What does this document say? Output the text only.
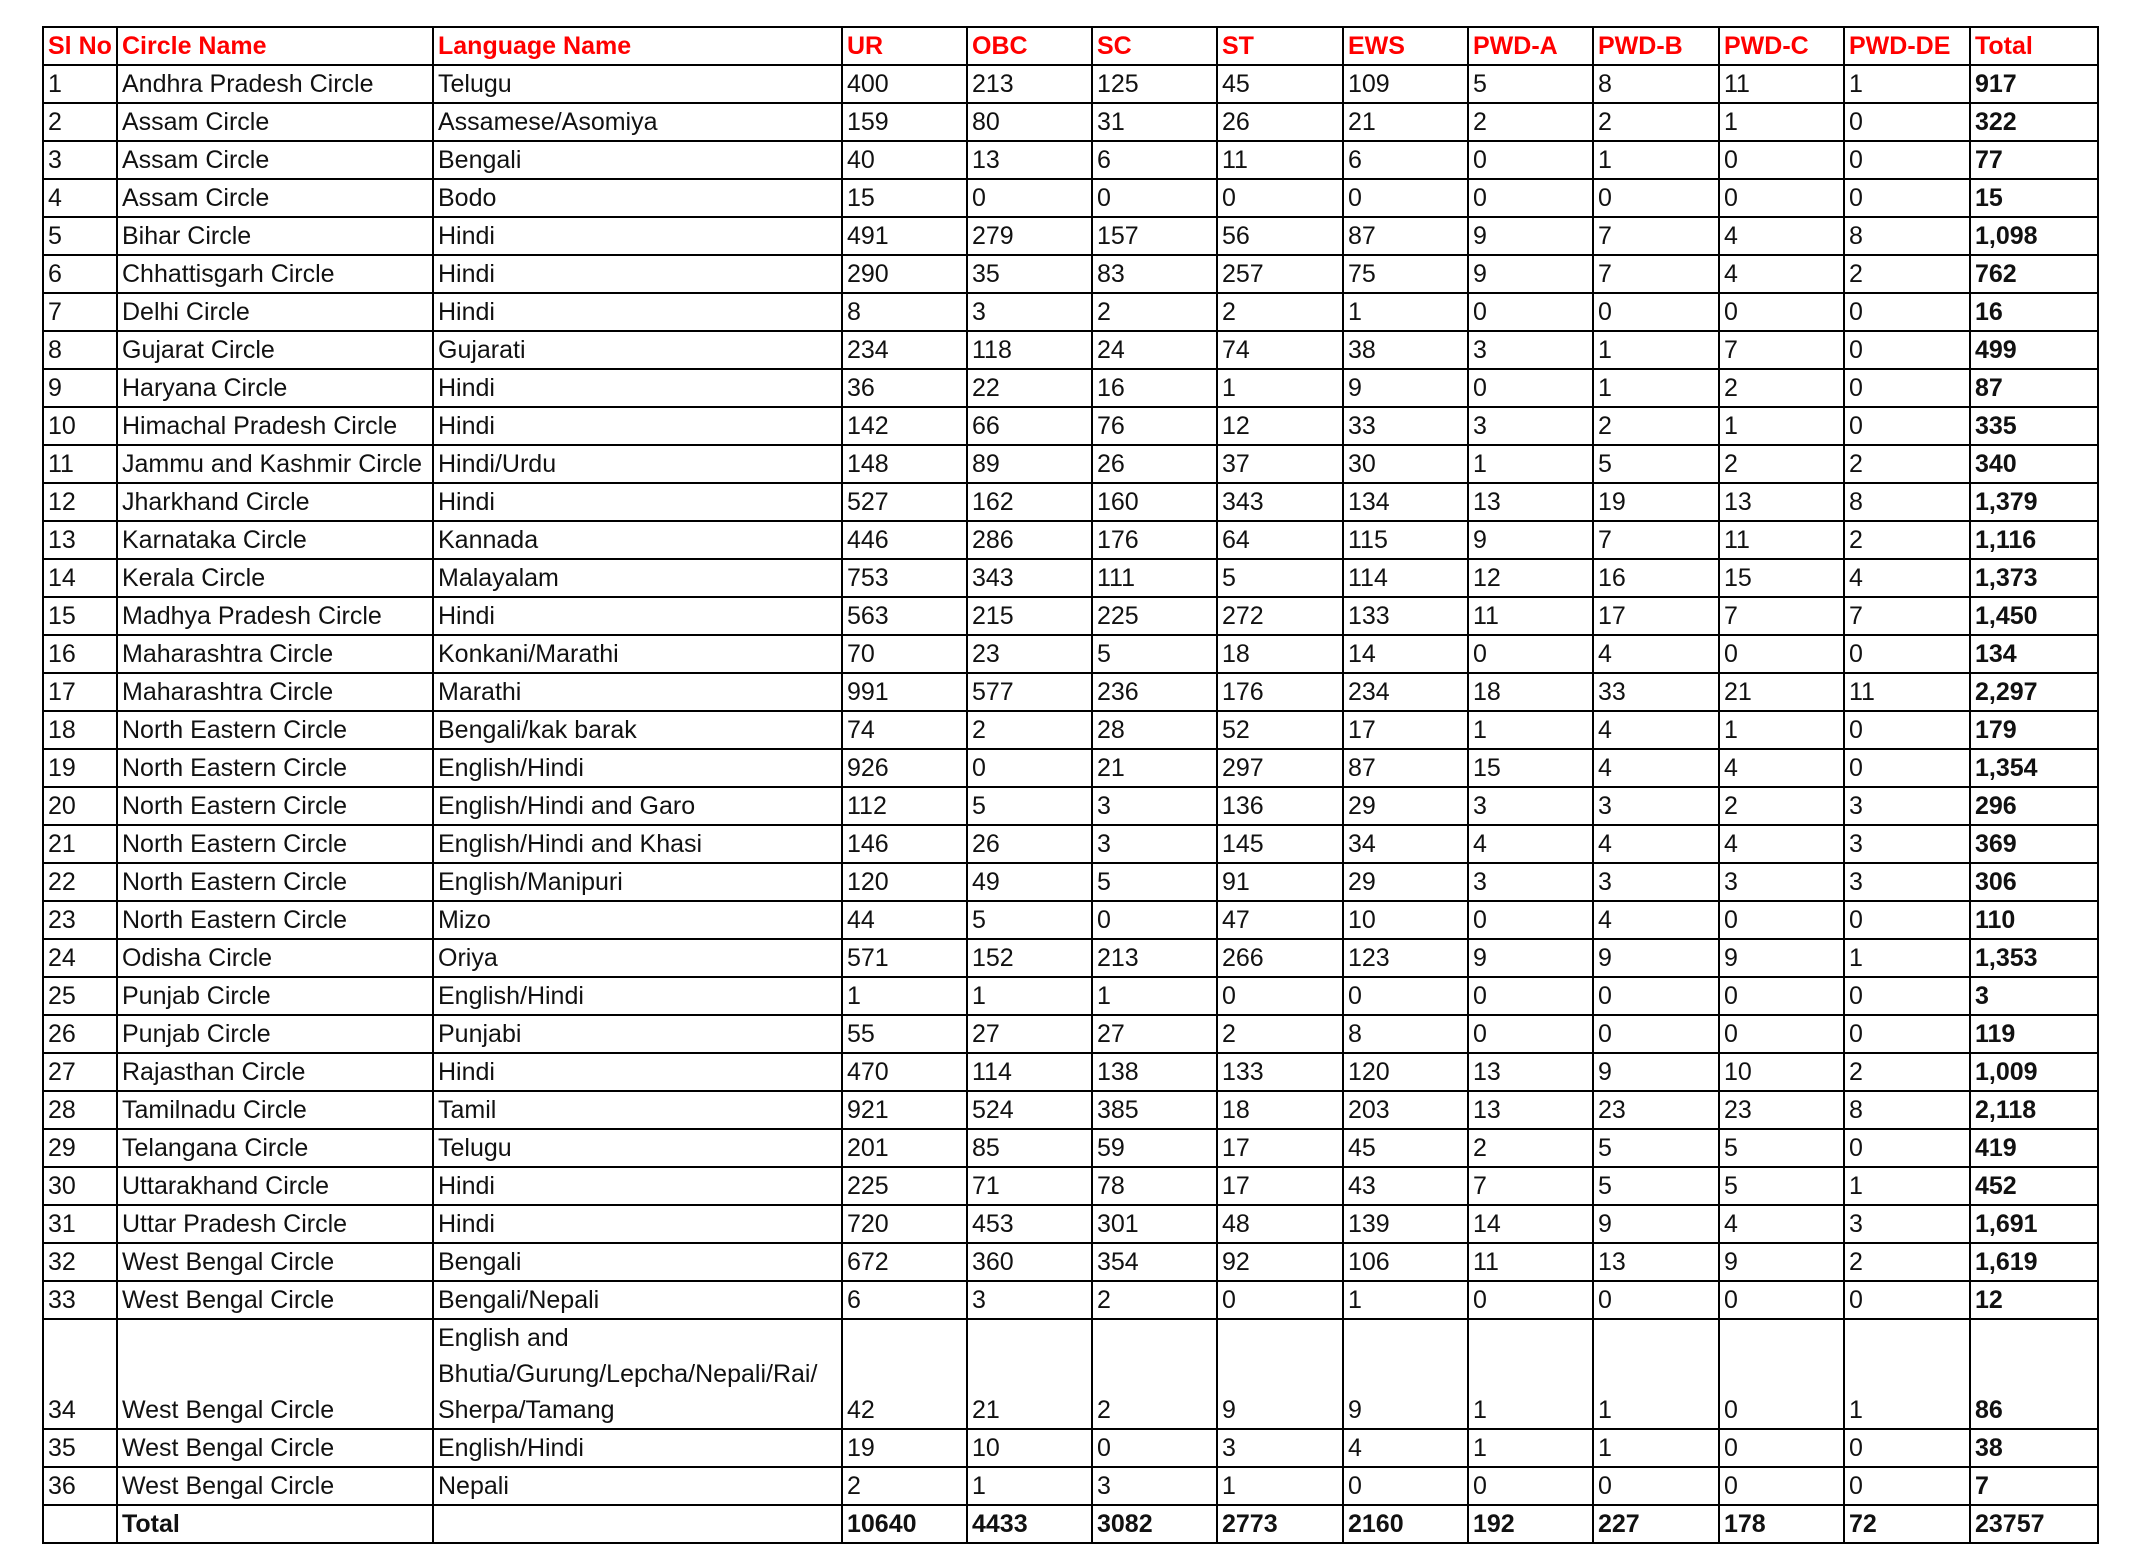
Sl No	Circle Name	Language Name	UR	OBC	SC	ST	EWS	PWD-A	PWD-B	PWD-C	PWD-DE	Total
1	Andhra Pradesh Circle	Telugu	400	213	125	45	109	5	8	11	1	917
2	Assam Circle	Assamese/Asomiya	159	80	31	26	21	2	2	1	0	322
3	Assam Circle	Bengali	40	13	6	11	6	0	1	0	0	77
4	Assam Circle	Bodo	15	0	0	0	0	0	0	0	0	15
5	Bihar Circle	Hindi	491	279	157	56	87	9	7	4	8	1,098
6	Chhattisgarh Circle	Hindi	290	35	83	257	75	9	7	4	2	762
7	Delhi Circle	Hindi	8	3	2	2	1	0	0	0	0	16
8	Gujarat Circle	Gujarati	234	118	24	74	38	3	1	7	0	499
9	Haryana Circle	Hindi	36	22	16	1	9	0	1	2	0	87
10	Himachal Pradesh Circle	Hindi	142	66	76	12	33	3	2	1	0	335
11	Jammu and Kashmir Circle	Hindi/Urdu	148	89	26	37	30	1	5	2	2	340
12	Jharkhand Circle	Hindi	527	162	160	343	134	13	19	13	8	1,379
13	Karnataka Circle	Kannada	446	286	176	64	115	9	7	11	2	1,116
14	Kerala Circle	Malayalam	753	343	111	5	114	12	16	15	4	1,373
15	Madhya Pradesh Circle	Hindi	563	215	225	272	133	11	17	7	7	1,450
16	Maharashtra Circle	Konkani/Marathi	70	23	5	18	14	0	4	0	0	134
17	Maharashtra Circle	Marathi	991	577	236	176	234	18	33	21	11	2,297
18	North Eastern Circle	Bengali/kak barak	74	2	28	52	17	1	4	1	0	179
19	North Eastern Circle	English/Hindi	926	0	21	297	87	15	4	4	0	1,354
20	North Eastern Circle	English/Hindi and Garo	112	5	3	136	29	3	3	2	3	296
21	North Eastern Circle	English/Hindi and Khasi	146	26	3	145	34	4	4	4	3	369
22	North Eastern Circle	English/Manipuri	120	49	5	91	29	3	3	3	3	306
23	North Eastern Circle	Mizo	44	5	0	47	10	0	4	0	0	110
24	Odisha Circle	Oriya	571	152	213	266	123	9	9	9	1	1,353
25	Punjab Circle	English/Hindi	1	1	1	0	0	0	0	0	0	3
26	Punjab Circle	Punjabi	55	27	27	2	8	0	0	0	0	119
27	Rajasthan Circle	Hindi	470	114	138	133	120	13	9	10	2	1,009
28	Tamilnadu Circle	Tamil	921	524	385	18	203	13	23	23	8	2,118
29	Telangana Circle	Telugu	201	85	59	17	45	2	5	5	0	419
30	Uttarakhand Circle	Hindi	225	71	78	17	43	7	5	5	1	452
31	Uttar Pradesh Circle	Hindi	720	453	301	48	139	14	9	4	3	1,691
32	West Bengal Circle	Bengali	672	360	354	92	106	11	13	9	2	1,619
33	West Bengal Circle	Bengali/Nepali	6	3	2	0	1	0	0	0	0	12
34	West Bengal Circle	English and Bhutia/Gurung/Lepcha/Nepali/Rai/ Sherpa/Tamang	42	21	2	9	9	1	1	0	1	86
35	West Bengal Circle	English/Hindi	19	10	0	3	4	1	1	0	0	38
36	West Bengal Circle	Nepali	2	1	3	1	0	0	0	0	0	7
	Total		10640	4433	3082	2773	2160	192	227	178	72	23757
